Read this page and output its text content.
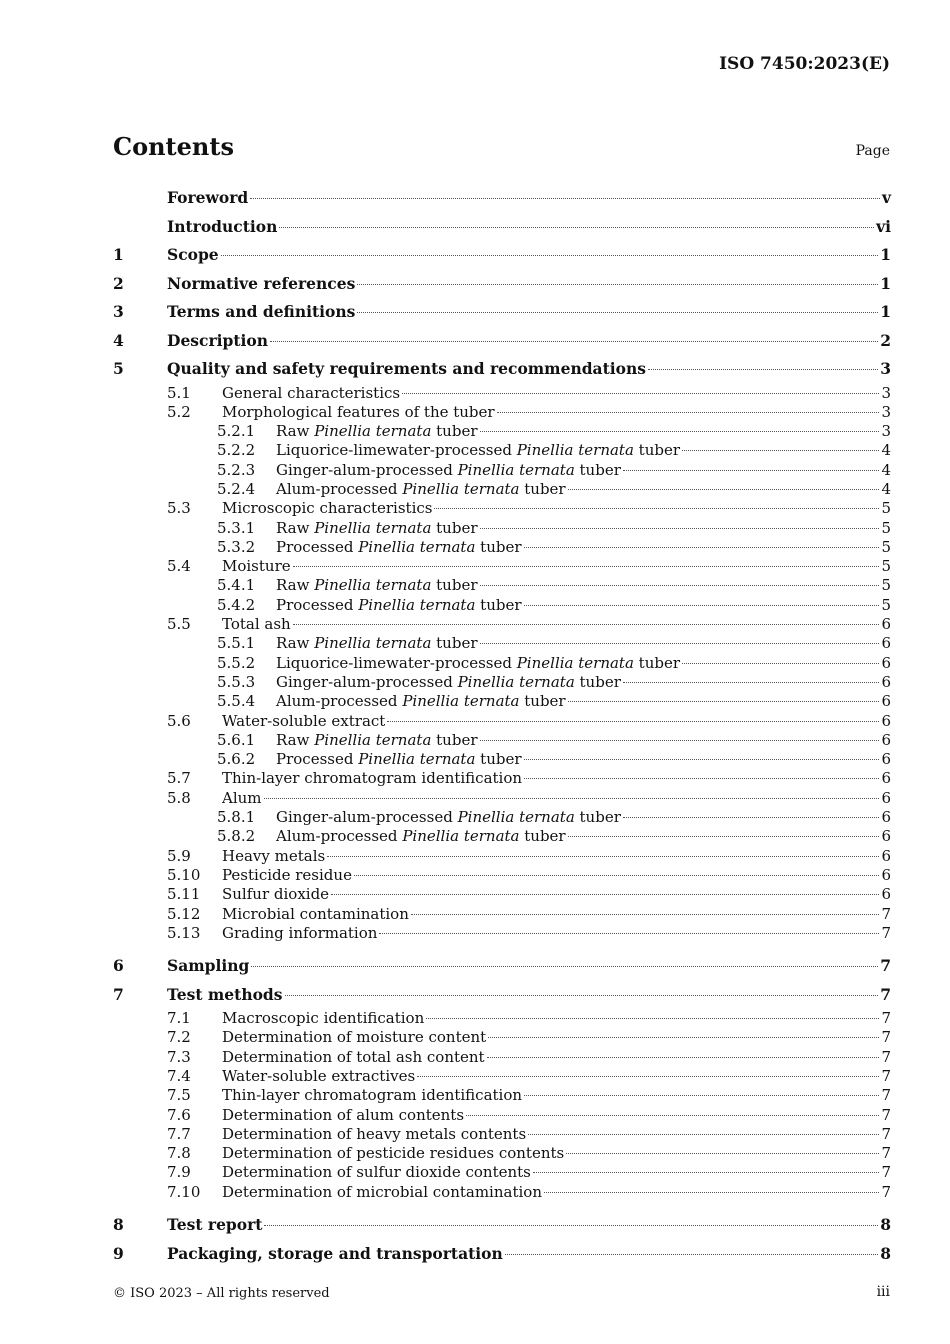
ISO 7450:2023(E)
Contents	Page
Foreword	v
Introduction	vi
1	Scope	1
2	Normative references	1
3	Terms and definitions	1
4	Description	2
5	Quality and safety requirements and recommendations	3
5.1	General characteristics	3
5.2	Morphological features of the tuber	3
5.2.1	Raw Pinellia ternata tuber	3
5.2.2	Liquorice-limewater-processed Pinellia ternata tuber	4
5.2.3	Ginger-alum-processed Pinellia ternata tuber	4
5.2.4	Alum-processed Pinellia ternata tuber	4
5.3	Microscopic characteristics	5
5.3.1	Raw Pinellia ternata tuber	5
5.3.2	Processed Pinellia ternata tuber	5
5.4	Moisture	5
5.4.1	Raw Pinellia ternata tuber	5
5.4.2	Processed Pinellia ternata tuber	5
5.5	Total ash	6
5.5.1	Raw Pinellia ternata tuber	6
5.5.2	Liquorice-limewater-processed Pinellia ternata tuber	6
5.5.3	Ginger-alum-processed Pinellia ternata tuber	6
5.5.4	Alum-processed Pinellia ternata tuber	6
5.6	Water-soluble extract	6
5.6.1	Raw Pinellia ternata tuber	6
5.6.2	Processed Pinellia ternata tuber	6
5.7	Thin-layer chromatogram identification	6
5.8	Alum	6
5.8.1	Ginger-alum-processed Pinellia ternata tuber	6
5.8.2	Alum-processed Pinellia ternata tuber	6
5.9	Heavy metals	6
5.10	Pesticide residue	6
5.11	Sulfur dioxide	6
5.12	Microbial contamination	7
5.13	Grading information	7
6	Sampling	7
7	Test methods	7
7.1	Macroscopic identification	7
7.2	Determination of moisture content	7
7.3	Determination of total ash content	7
7.4	Water-soluble extractives	7
7.5	Thin-layer chromatogram identification	7
7.6	Determination of alum contents	7
7.7	Determination of heavy metals contents	7
7.8	Determination of pesticide residues contents	7
7.9	Determination of sulfur dioxide contents	7
7.10	Determination of microbial contamination	7
8	Test report	8
9	Packaging, storage and transportation	8
© ISO 2023 – All rights reserved	iii
